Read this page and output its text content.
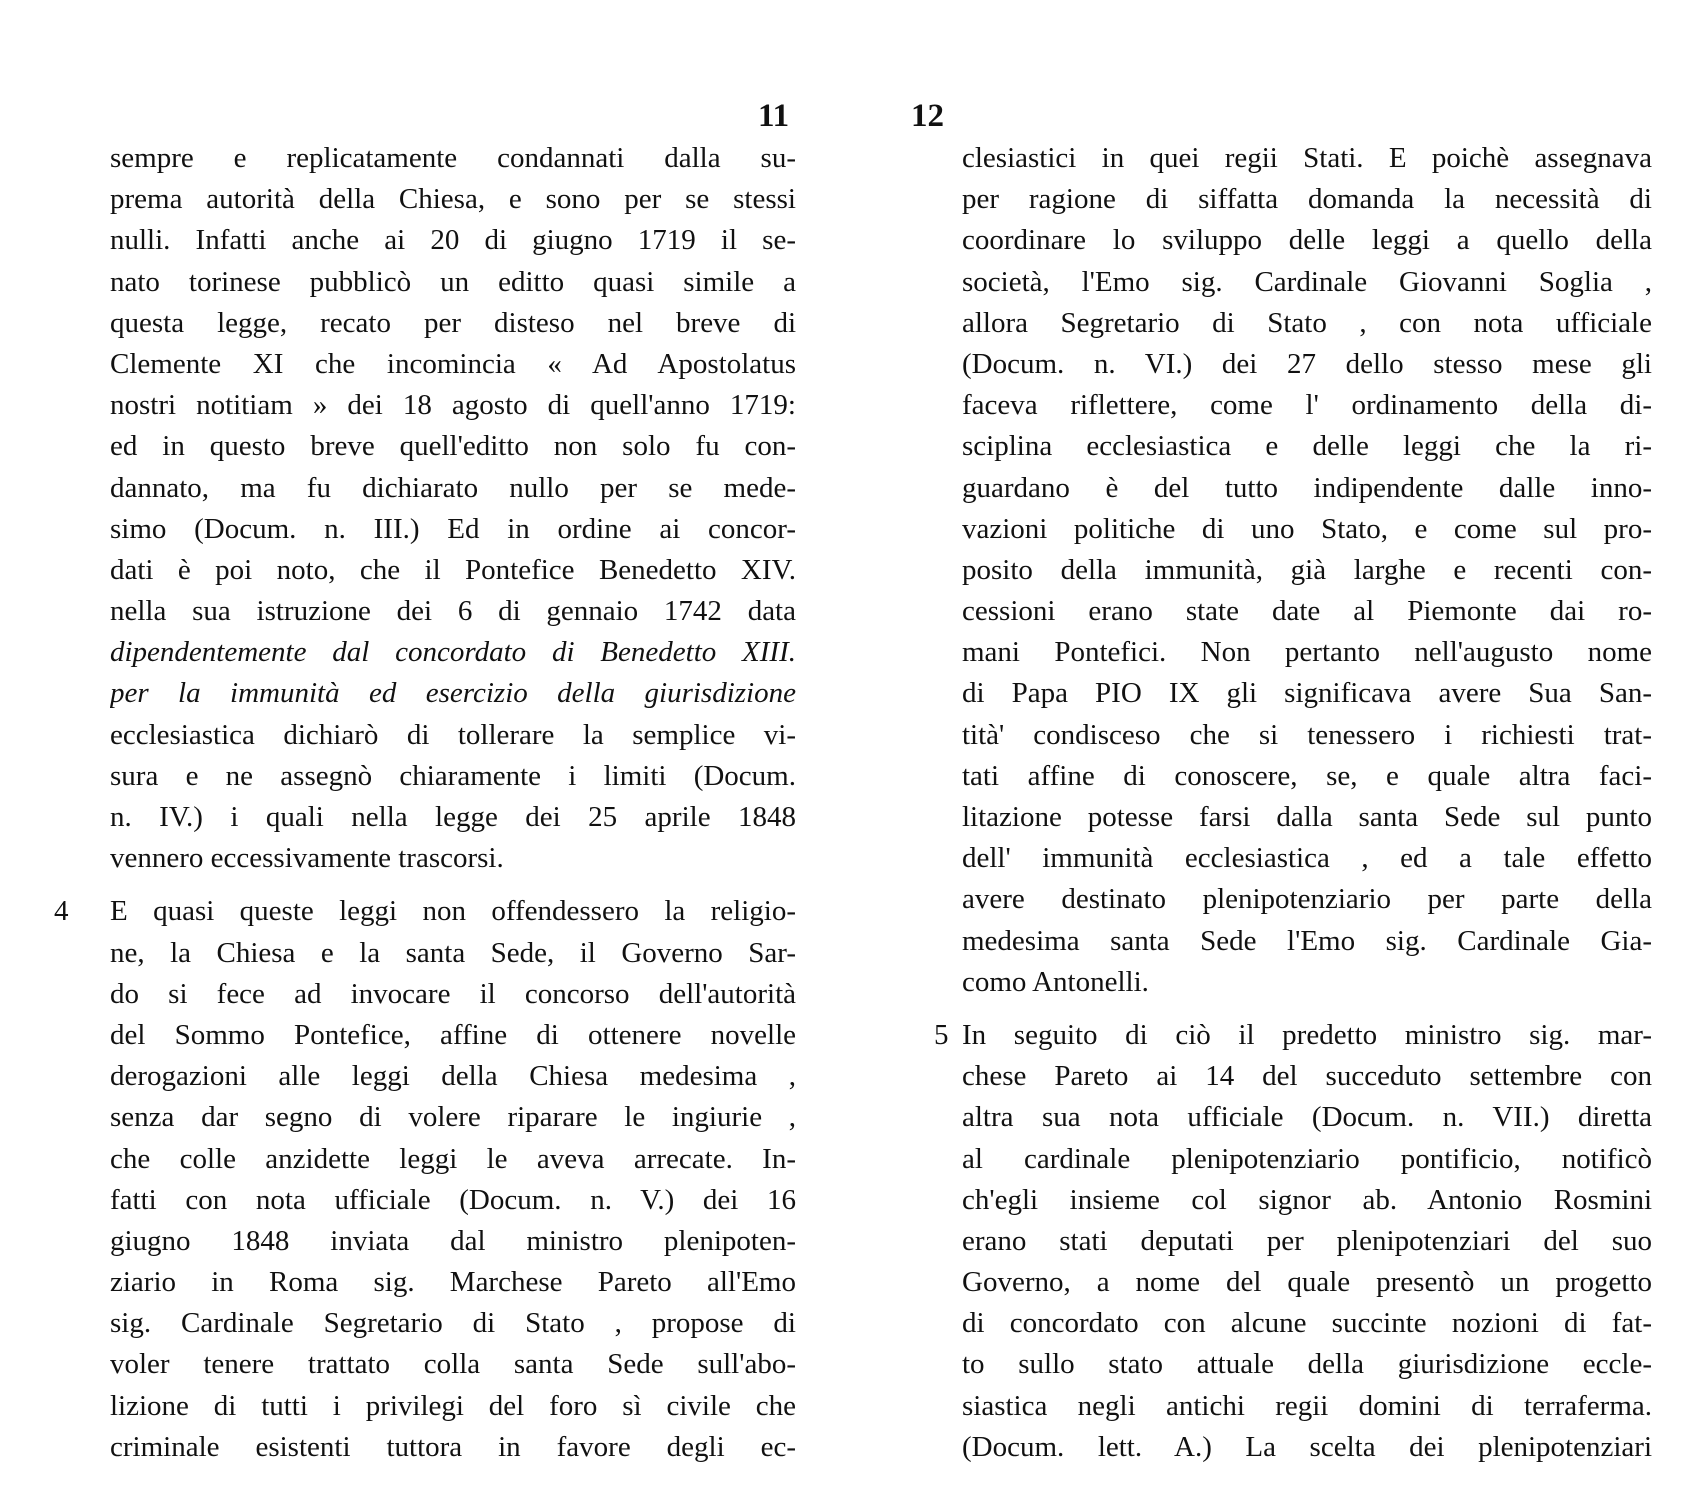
11
sempre e replicatamente condannati dalla su-
prema autorità della Chiesa, e sono per se stessi
nulli. Infatti anche ai 20 di giugno 1719 il se-
nato torinese pubblicò un editto quasi simile a
questa legge, recato per disteso nel breve di
Clemente XI che incomincia « Ad Apostolatus
nostri notitiam » dei 18 agosto di quell'anno 1719:
ed in questo breve quell'editto non solo fu con-
dannato, ma fu dichiarato nullo per se mede-
simo (Docum. n. III.) Ed in ordine ai concor-
dati è poi noto, che il Pontefice Benedetto XIV.
nella sua istruzione dei 6 di gennaio 1742 data
dipendentemente dal concordato di Benedetto XIII.
per la immunità ed esercizio della giurisdizione
ecclesiastica dichiarò di tollerare la semplice vi-
sura e ne assegnò chiaramente i limiti (Docum.
n. IV.) i quali nella legge dei 25 aprile 1848
vennero eccessivamente trascorsi.
4 E quasi queste leggi non offendessero la religio-
ne, la Chiesa e la santa Sede, il Governo Sar-
do si fece ad invocare il concorso dell'autorità
del Sommo Pontefice, affine di ottenere novelle
derogazioni alle leggi della Chiesa medesima ,
senza dar segno di volere riparare le ingiurie ,
che colle anzidette leggi le aveva arrecate. In-
fatti con nota ufficiale (Docum. n. V.) dei 16
giugno 1848 inviata dal ministro plenipoten-
ziario in Roma sig. Marchese Pareto all'Emo
sig. Cardinale Segretario di Stato , propose di
voler tenere trattato colla santa Sede sull'abo-
lizione di tutti i privilegi del foro sì civile che
criminale esistenti tuttora in favore degli ec-
12
clesiastici in quei regii Stati. E poichè assegnava
per ragione di siffatta domanda la necessità di
coordinare lo sviluppo delle leggi a quello della
società, l'Emo sig. Cardinale Giovanni Soglia ,
allora Segretario di Stato , con nota ufficiale
(Docum. n. VI.) dei 27 dello stesso mese gli
faceva riflettere, come l' ordinamento della di-
sciplina ecclesiastica e delle leggi che la ri-
guardano è del tutto indipendente dalle inno-
vazioni politiche di uno Stato, e come sul pro-
posito della immunità, già larghe e recenti con-
cessioni erano state date al Piemonte dai ro-
mani Pontefici. Non pertanto nell'augusto nome
di Papa PIO IX gli significava avere Sua San-
tità' condisceso che si tenessero i richiesti trat-
tati affine di conoscere, se, e quale altra faci-
litazione potesse farsi dalla santa Sede sul punto
dell' immunità ecclesiastica , ed a tale effetto
avere destinato plenipotenziario per parte della
medesima santa Sede l'Emo sig. Cardinale Gia-
como Antonelli.
5 In seguito di ciò il predetto ministro sig. mar-
chese Pareto ai 14 del succeduto settembre con
altra sua nota ufficiale (Docum. n. VII.) diretta
al cardinale plenipotenziario pontificio, notificò
ch'egli insieme col signor ab. Antonio Rosmini
erano stati deputati per plenipotenziari del suo
Governo, a nome del quale presentò un progetto
di concordato con alcune succinte nozioni di fat-
to sullo stato attuale della giurisdizione eccle-
siastica negli antichi regii domini di terraferma.
(Docum. lett. A.) La scelta dei plenipotenziari
